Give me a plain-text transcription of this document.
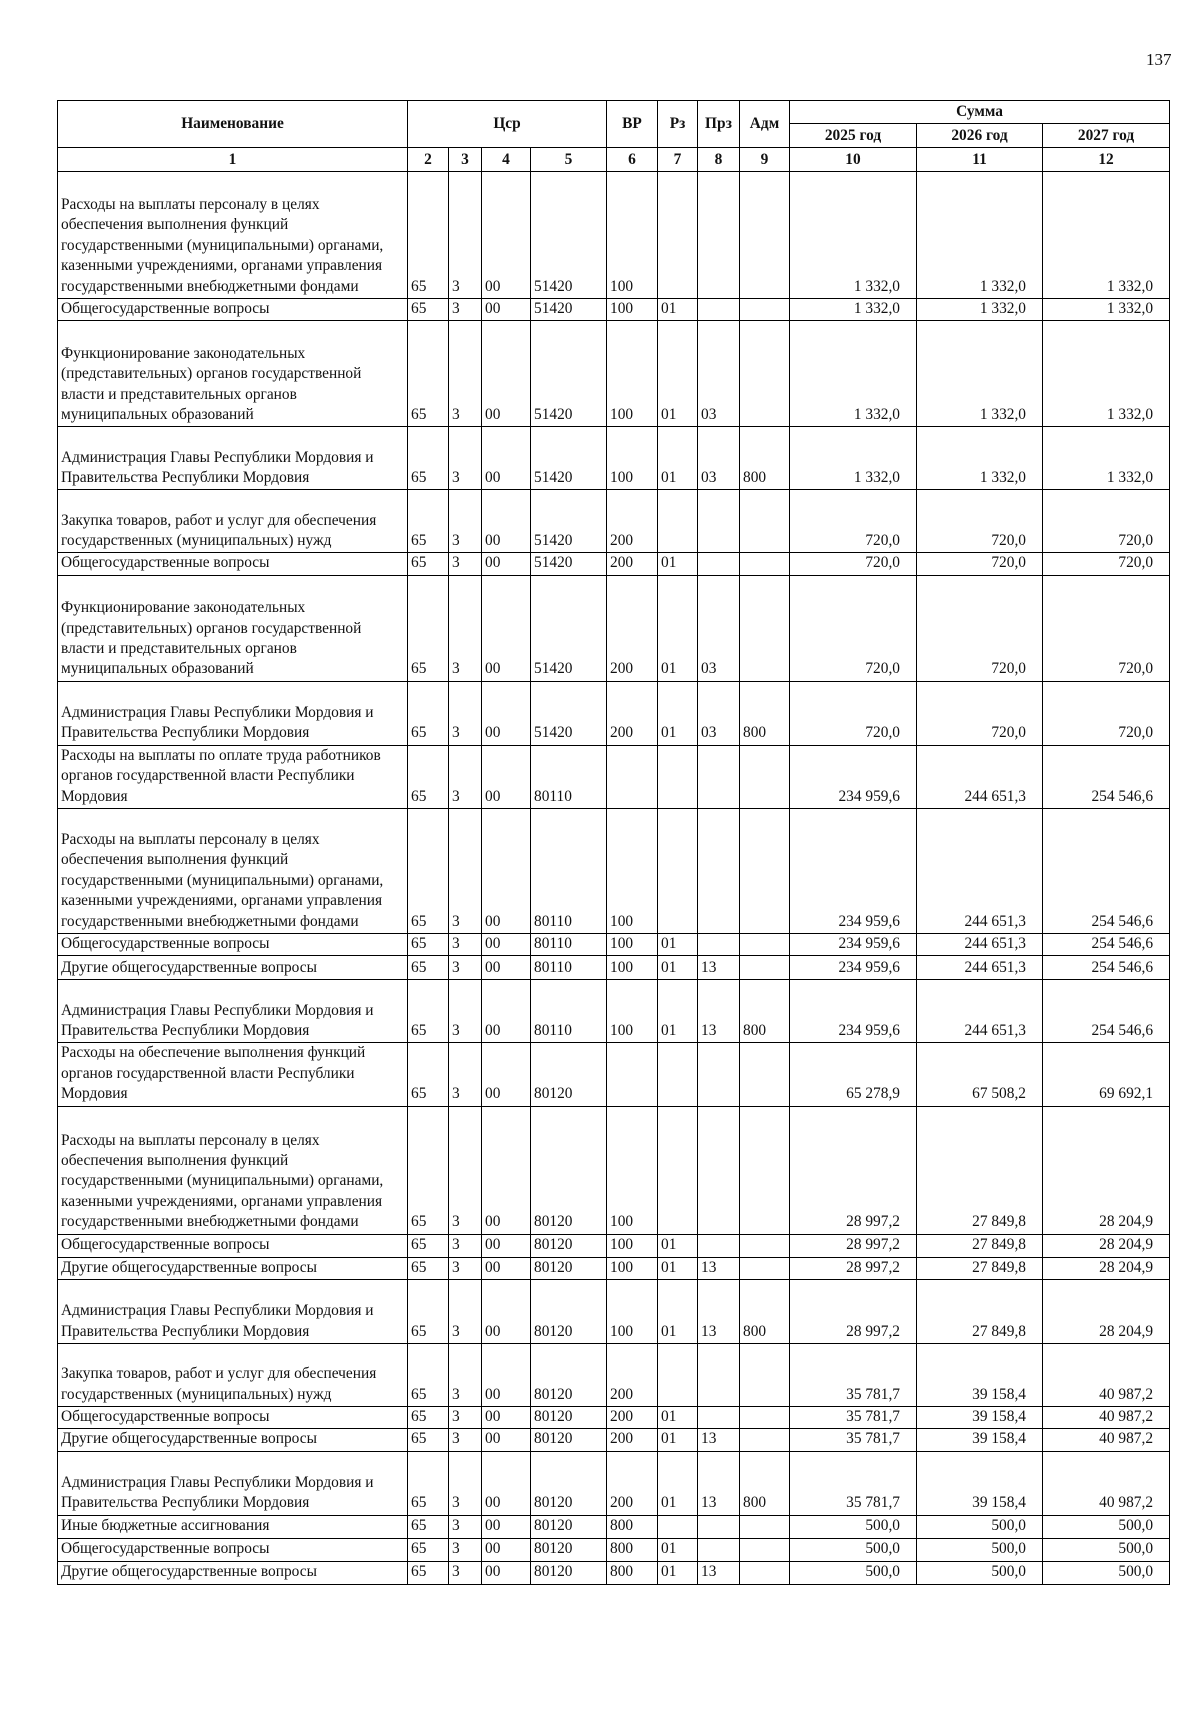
137
Наименование	Цср				ВР	Рз	Прз	Адм	Сумма		
									2025 год	2026 год	2027 год
1	2	3	4	5	6	7	8	9	10	11	12
Расходы на выплаты персоналу в целях
обеспечения выполнения функций
государственными (муниципальными) органами,
казенными учреждениями, органами управления
государственными внебюджетными фондами	65	3	00	51420	100				1 332,0	1 332,0	1 332,0
Общегосударственные вопросы	65	3	00	51420	100	01			1 332,0	1 332,0	1 332,0
Функционирование законодательных
(представительных) органов государственной
власти и представительных органов
муниципальных образований	65	3	00	51420	100	01	03		1 332,0	1 332,0	1 332,0
Администрация Главы Республики Мордовия и
Правительства Республики Мордовия	65	3	00	51420	100	01	03	800	1 332,0	1 332,0	1 332,0
Закупка товаров, работ и услуг для обеспечения
государственных (муниципальных) нужд	65	3	00	51420	200				720,0	720,0	720,0
Общегосударственные вопросы	65	3	00	51420	200	01			720,0	720,0	720,0
Функционирование законодательных
(представительных) органов государственной
власти и представительных органов
муниципальных образований	65	3	00	51420	200	01	03		720,0	720,0	720,0
Администрация Главы Республики Мордовия и
Правительства Республики Мордовия	65	3	00	51420	200	01	03	800	720,0	720,0	720,0
Расходы на выплаты по оплате труда работников
органов государственной власти Республики
Мордовия	65	3	00	80110					234 959,6	244 651,3	254 546,6
Расходы на выплаты персоналу в целях
обеспечения выполнения функций
государственными (муниципальными) органами,
казенными учреждениями, органами управления
государственными внебюджетными фондами	65	3	00	80110	100				234 959,6	244 651,3	254 546,6
Общегосударственные вопросы	65	3	00	80110	100	01			234 959,6	244 651,3	254 546,6
Другие общегосударственные вопросы	65	3	00	80110	100	01	13		234 959,6	244 651,3	254 546,6
Администрация Главы Республики Мордовия и
Правительства Республики Мордовия	65	3	00	80110	100	01	13	800	234 959,6	244 651,3	254 546,6
Расходы на обеспечение выполнения функций
органов государственной власти Республики
Мордовия	65	3	00	80120					65 278,9	67 508,2	69 692,1
Расходы на выплаты персоналу в целях
обеспечения выполнения функций
государственными (муниципальными) органами,
казенными учреждениями, органами управления
государственными внебюджетными фондами	65	3	00	80120	100				28 997,2	27 849,8	28 204,9
Общегосударственные вопросы	65	3	00	80120	100	01			28 997,2	27 849,8	28 204,9
Другие общегосударственные вопросы	65	3	00	80120	100	01	13		28 997,2	27 849,8	28 204,9
Администрация Главы Республики Мордовия и
Правительства Республики Мордовия	65	3	00	80120	100	01	13	800	28 997,2	27 849,8	28 204,9
Закупка товаров, работ и услуг для обеспечения
государственных (муниципальных) нужд	65	3	00	80120	200				35 781,7	39 158,4	40 987,2
Общегосударственные вопросы	65	3	00	80120	200	01			35 781,7	39 158,4	40 987,2
Другие общегосударственные вопросы	65	3	00	80120	200	01	13		35 781,7	39 158,4	40 987,2
Администрация Главы Республики Мордовия и
Правительства Республики Мордовия	65	3	00	80120	200	01	13	800	35 781,7	39 158,4	40 987,2
Иные бюджетные ассигнования	65	3	00	80120	800				500,0	500,0	500,0
Общегосударственные вопросы	65	3	00	80120	800	01			500,0	500,0	500,0
Другие общегосударственные вопросы	65	3	00	80120	800	01	13		500,0	500,0	500,0
